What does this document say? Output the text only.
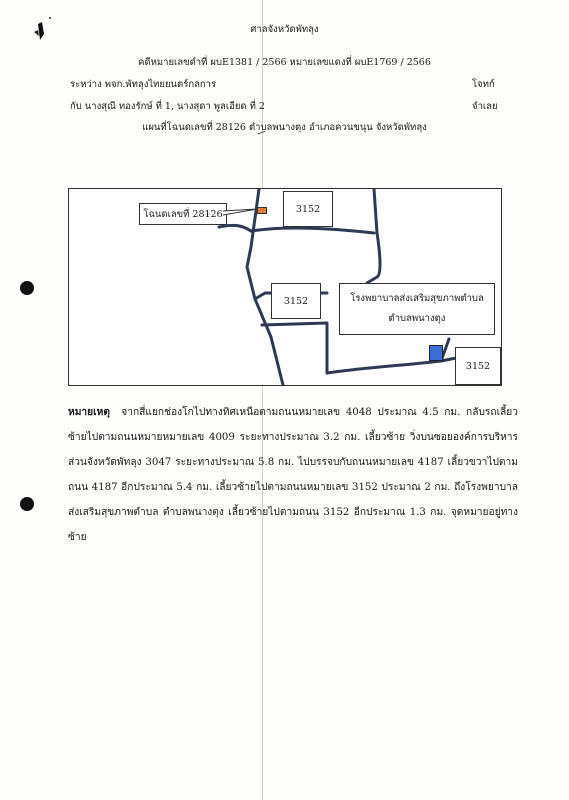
ศาลจังหวัดพัทลุง
คดีหมายเลขดำที่ ผบE1381 / 2566 หมายเลขแดงที่ ผบE1769 / 2566
ระหว่าง พจก.พัทลุงไทยยนตร์กลการ	โจทก์
กับ นางสุณี ทองรักษ์ ที่ 1, นางสุดา พูลเอียด ที่ 2	จำเลย
แผนที่โฉนดเลขที่ 28126 ตำบลพนางตุง อำเภอควนขนุน จังหวัดพัทลุง
โฉนดเลขที่ 28126	3152
3152	โรงพยาบาลส่งเสริมสุขภาพตำบล
ตำบลพนางตุง
3152
หมายเหตุ จากสี่แยกช่องโกไปทางทิศเหนือตามถนนหมายเลข 4048 ประมาณ 4.5 กม. กลับรถเลี้ยวซ้ายไปตามถนนหมายหมายเลข 4009 ระยะทางประมาณ 3.2 กม. เลี้ยวซ้าย วิ่งบนซอยองค์การบริหารส่วนจังหวัดพัทลุง 3047 ระยะทางประมาณ 5.8 กม. ไปบรรจบกับถนนหมายเลข 4187 เลี้ยวขวาไปตามถนน 4187 อีกประมาณ 5.4 กม. เลี้ยวซ้ายไปตามถนนหมายเลข 3152 ประมาณ 2 กม. ถึงโรงพยาบาลส่งเสริมสุขภาพตำบล ตำบลพนางตุง เลี้ยวซ้ายไปตามถนน 3152 อีกประมาณ 1.3 กม. จุดหมายอยู่ทางซ้าย
